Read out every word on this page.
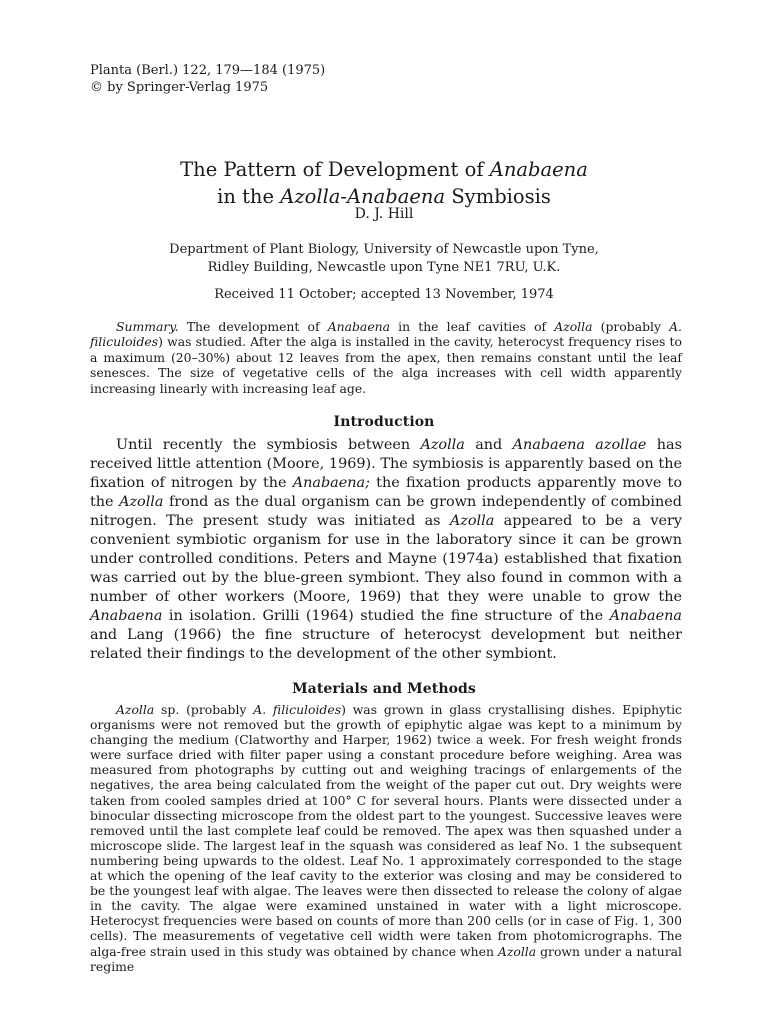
Planta (Berl.) 122, 179—184 (1975)
© by Springer-Verlag 1975
The Pattern of Development of Anabaena
in the Azolla-Anabaena Symbiosis
D. J. Hill
Department of Plant Biology, University of Newcastle upon Tyne,
Ridley Building, Newcastle upon Tyne NE1 7RU, U.K.
Received 11 October; accepted 13 November, 1974
Summary. The development of Anabaena in the leaf cavities of Azolla (probably A. filiculoides) was studied. After the alga is installed in the cavity, heterocyst frequency rises to a maximum (20–30%) about 12 leaves from the apex, then remains constant until the leaf senesces. The size of vegetative cells of the alga increases with cell width apparently increasing linearly with increasing leaf age.
Introduction
Until recently the symbiosis between Azolla and Anabaena azollae has received little attention (Moore, 1969). The symbiosis is apparently based on the fixation of nitrogen by the Anabaena; the fixation products apparently move to the Azolla frond as the dual organism can be grown independently of combined nitrogen. The present study was initiated as Azolla appeared to be a very convenient symbiotic organism for use in the laboratory since it can be grown under controlled conditions. Peters and Mayne (1974a) established that fixation was carried out by the blue-green symbiont. They also found in common with a number of other workers (Moore, 1969) that they were unable to grow the Anabaena in isolation. Grilli (1964) studied the fine structure of the Anabaena and Lang (1966) the fine structure of heterocyst development but neither related their findings to the development of the other symbiont.
Materials and Methods
Azolla sp. (probably A. filiculoides) was grown in glass crystallising dishes. Epiphytic organisms were not removed but the growth of epiphytic algae was kept to a minimum by changing the medium (Clatworthy and Harper, 1962) twice a week. For fresh weight fronds were surface dried with filter paper using a constant procedure before weighing. Area was measured from photographs by cutting out and weighing tracings of enlargements of the negatives, the area being calculated from the weight of the paper cut out. Dry weights were taken from cooled samples dried at 100° C for several hours. Plants were dissected under a binocular dissecting microscope from the oldest part to the youngest. Successive leaves were removed until the last complete leaf could be removed. The apex was then squashed under a microscope slide. The largest leaf in the squash was considered as leaf No. 1 the subsequent numbering being upwards to the oldest. Leaf No. 1 approximately corresponded to the stage at which the opening of the leaf cavity to the exterior was closing and may be considered to be the youngest leaf with algae. The leaves were then dissected to release the colony of algae in the cavity. The algae were examined unstained in water with a light microscope. Heterocyst frequencies were based on counts of more than 200 cells (or in case of Fig. 1, 300 cells). The measurements of vegetative cell width were taken from photomicrographs. The alga-free strain used in this study was obtained by chance when Azolla grown under a natural regime
